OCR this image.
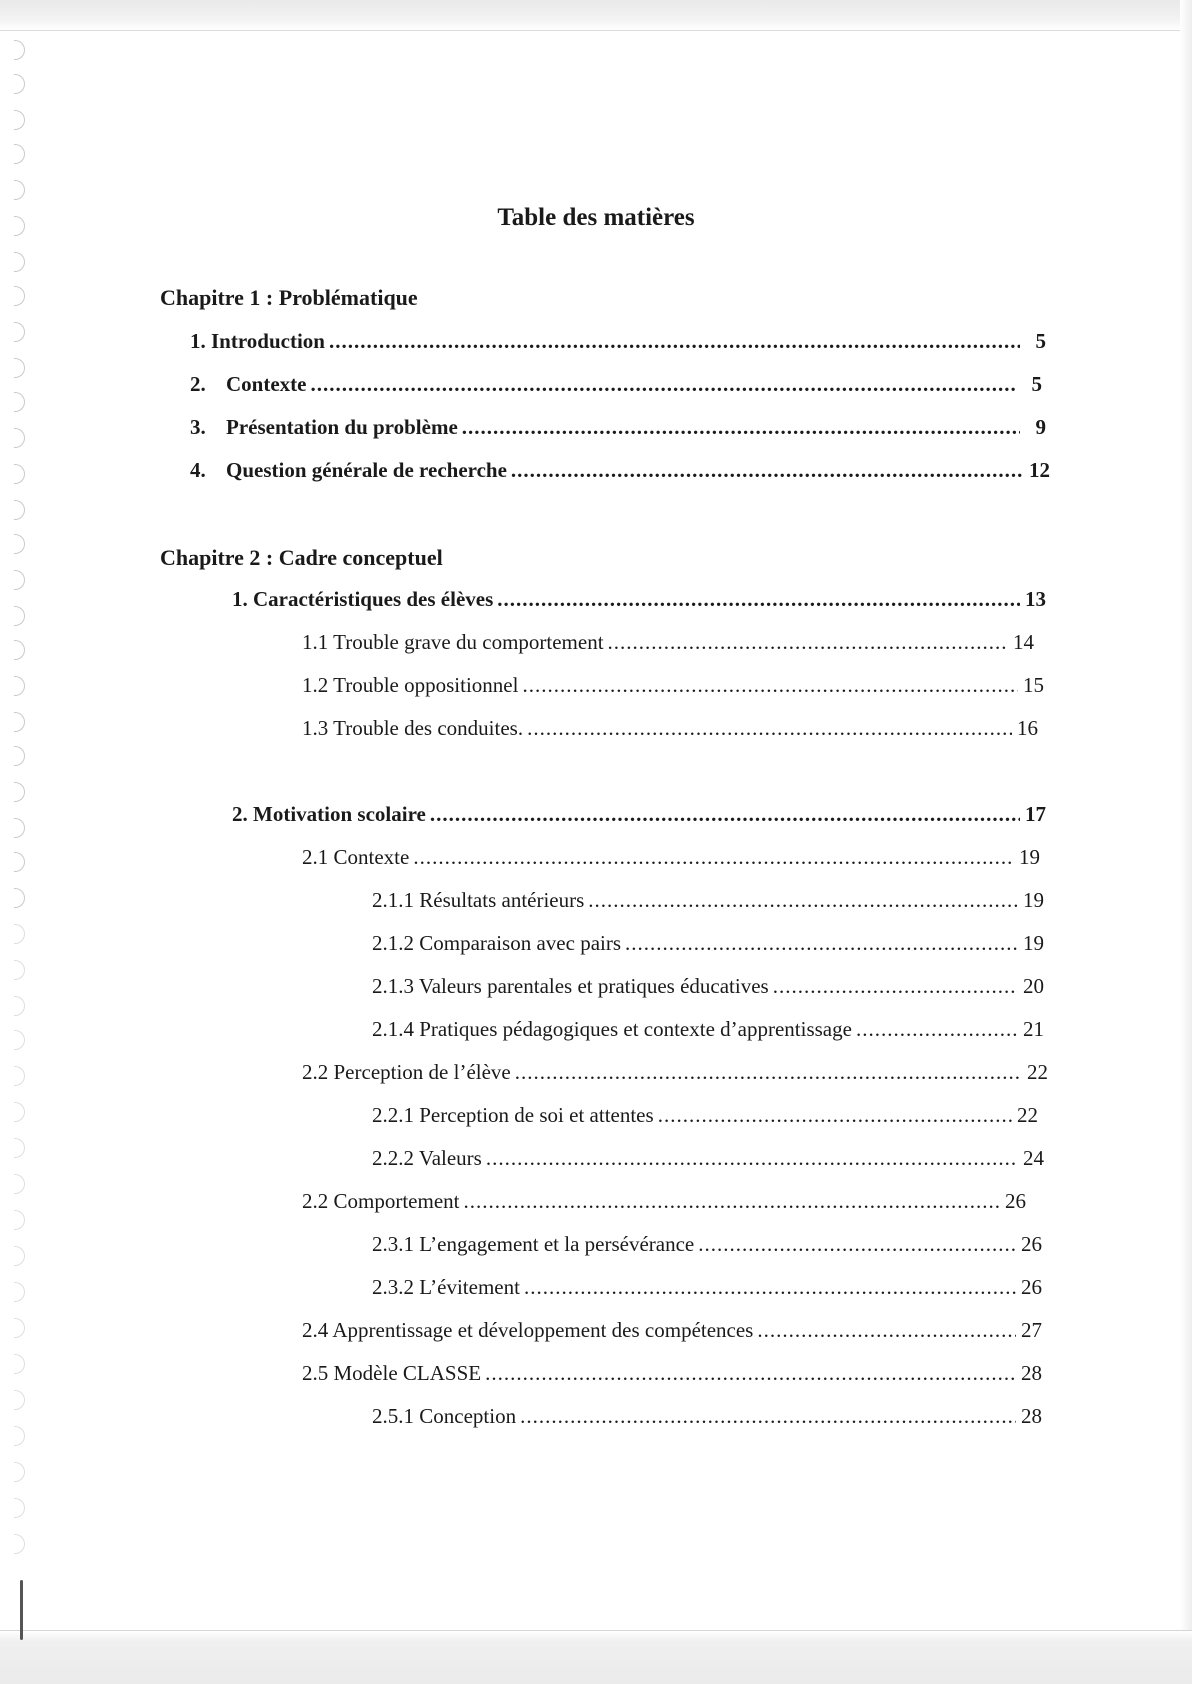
Table des matières
Chapitre 1 : Problématique
1. Introduction .....	5
2. Contexte .....	5
3. Présentation du problème .....	9
4. Question générale de recherche .....	12
Chapitre 2 : Cadre conceptuel
1. Caractéristiques des élèves .....	13
1.1 Trouble grave du comportement .....	14
1.2 Trouble oppositionnel .....	15
1.3 Trouble des conduites. .....	16
2. Motivation scolaire .....	17
2.1 Contexte .....	19
2.1.1 Résultats antérieurs .....	19
2.1.2 Comparaison avec pairs .....	19
2.1.3 Valeurs parentales et pratiques éducatives .....	20
2.1.4 Pratiques pédagogiques et contexte d’apprentissage .....	21
2.2 Perception de l’élève .....	22
2.2.1 Perception de soi et attentes .....	22
2.2.2 Valeurs .....	24
2.2 Comportement .....	26
2.3.1 L’engagement et la persévérance .....	26
2.3.2 L’évitement .....	26
2.4 Apprentissage et développement des compétences .....	27
2.5 Modèle CLASSE .....	28
2.5.1 Conception .....	28
